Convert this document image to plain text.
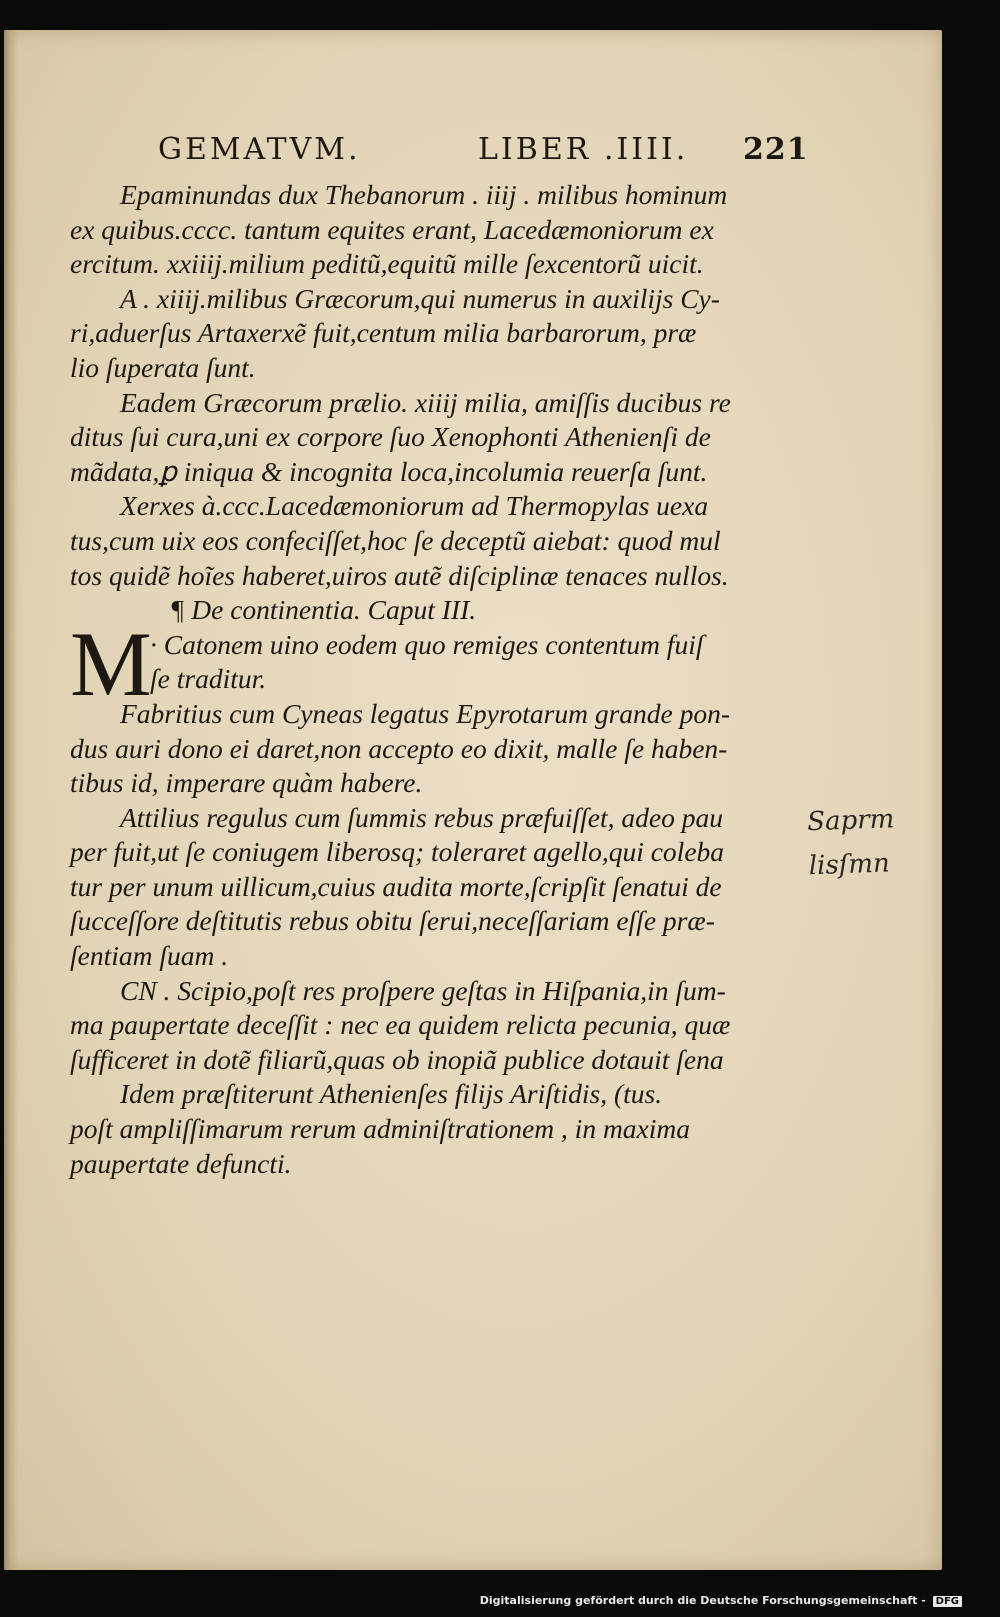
GEMATVM.	LIBER .IIII. 221
Epaminundas dux Thebanorum . iiij . milibus hominum
ex quibus.cccc. tantum equites erant, Lacedæmoniorum ex
ercitum. xxiiij.milium peditũ,equitũ mille ſexcentorũ uicit.
A . xiiij.milibus Græcorum,qui numerus in auxilijs Cy-
ri,aduerſus Artaxerxẽ fuit,centum milia barbarorum, præ
lio ſuperata ſunt.
Eadem Græcorum prælio. xiiij milia, amiſſis ducibus re
ditus ſui cura,uni ex corpore ſuo Xenophonti Athenienſi de
mãdata,ꝑ iniqua & incognita loca,incolumia reuerſa ſunt.
Xerxes à.ccc.Lacedæmoniorum ad Thermopylas uexa
tus,cum uix eos confeciſſet,hoc ſe deceptũ aiebat: quod mul
tos quidẽ hoĩes haberet,uiros autẽ diſciplinæ tenaces nullos.
¶ De continentia. Caput III.
M
· Catonem uino eodem quo remiges contentum fuiſ
ſe traditur.
Fabritius cum Cyneas legatus Epyrotarum grande pon-
dus auri dono ei daret,non accepto eo dixit, malle ſe haben-
tibus id, imperare quàm habere.
Attilius regulus cum ſummis rebus præfuiſſet, adeo pau
per fuit,ut ſe coniugem liberosq; toleraret agello,qui coleba
tur per unum uillicum,cuius audita morte,ſcripſit ſenatui de
ſucceſſore deſtitutis rebus obitu ſerui,neceſſariam eſſe præ-
ſentiam ſuam .
CN . Scipio,poſt res proſpere geſtas in Hiſpania,in ſum-
ma paupertate deceſſit : nec ea quidem relicta pecunia, quæ
ſufficeret in dotẽ filiarũ,quas ob inopiã publice dotauit ſena
Idem præſtiterunt Athenienſes filijs Ariſtidis, (tus.
poſt ampliſſimarum rerum adminiſtrationem , in maxima
paupertate defuncti.
Saprm
lisſmn
Digitalisierung gefördert durch die Deutsche Forschungsgemeinschaft - DFG
